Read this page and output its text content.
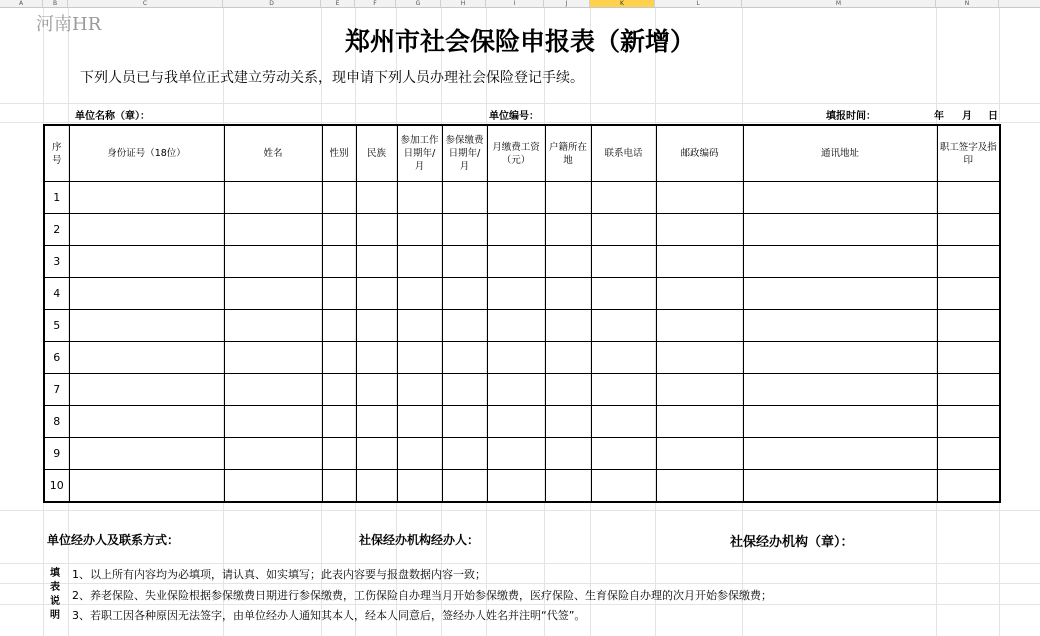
A	B	C	D	E	F	G	H	I	J	K	L	M	N
河南HR
郑州市社会保险申报表（新增）
下列人员已与我单位正式建立劳动关系，现申请下列人员办理社会保险登记手续。
单位名称（章）：	单位编号：	填报时间：	年 月 日
序号	身份证号（18位）	姓名	性别	民族	参加工作日期年/月	参保缴费日期年/月	月缴费工资（元）	户籍所在地	联系电话	邮政编码	通讯地址	职工签字及指印

1												
2												
3												
4												
5												
6												
7												
8												
9												
10												
单位经办人及联系方式：	社保经办机构经办人：	社保经办机构（章）：
填表说明
1、以上所有内容均为必填项，请认真、如实填写；此表内容要与报盘数据内容一致；
2、养老保险、失业保险根据参保缴费日期进行参保缴费，工伤保险自办理当月开始参保缴费，医疗保险、生育保险自办理的次月开始参保缴费；
3、若职工因各种原因无法签字，由单位经办人通知其本人，经本人同意后，签经办人姓名并注明“代签”。
